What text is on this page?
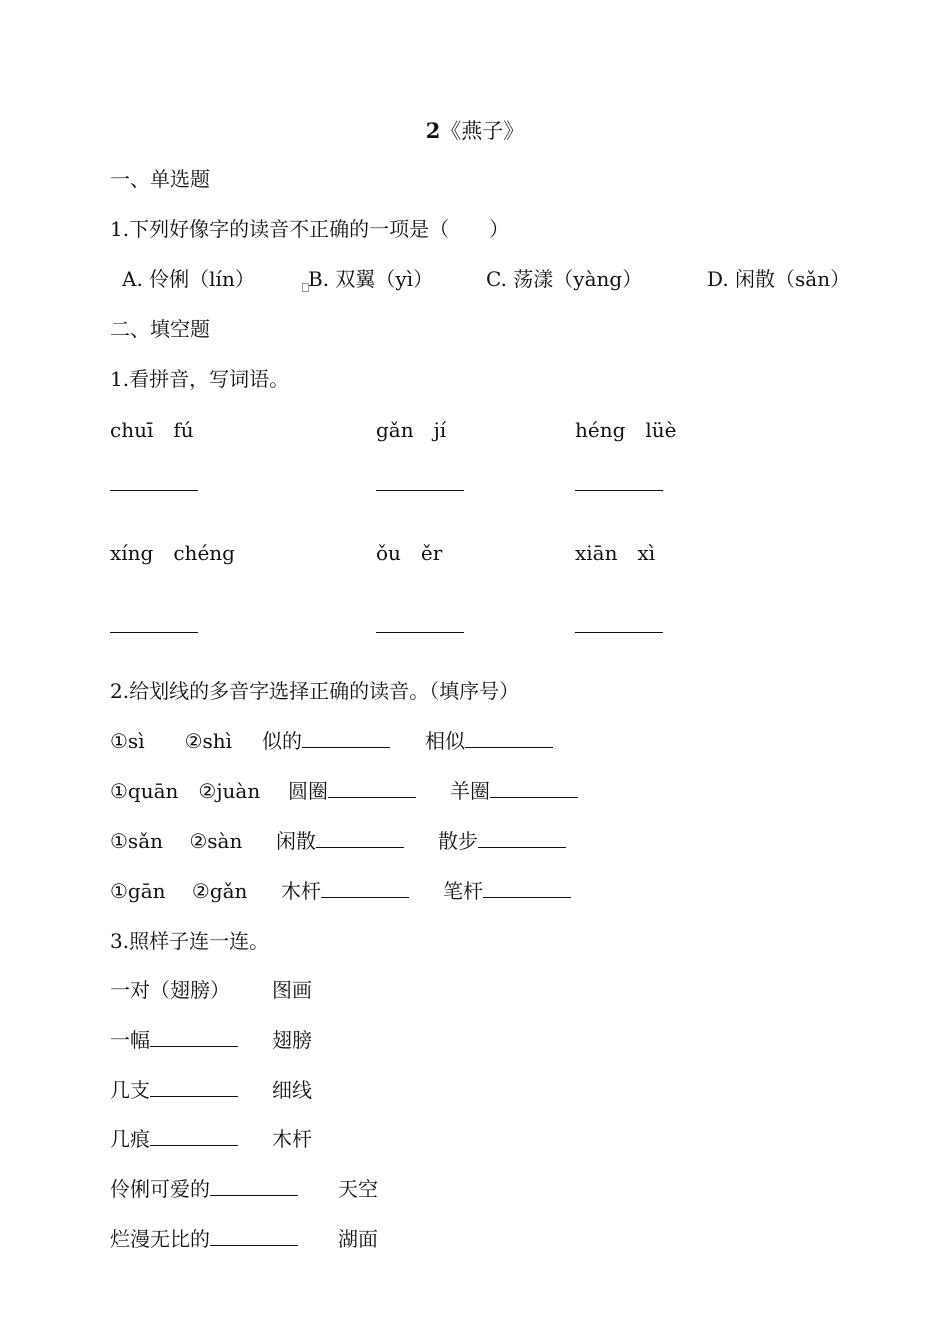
2《燕子》
一、单选题
1.下列好像字的读音不正确的一项是（　　）
A. 伶俐（lín）	B. 双翼（yì）	C. 荡漾（yàng）	D. 闲散（sǎn）
二、填空题
1.看拼音，写词语。
chuī　fú	gǎn　jí	héng　lüè
xíng　chéng	ǒu　ěr	xiān　xì
2.给划线的多音字选择正确的读音。（填序号）
①sì　　②shì 似的	相似
①quān　②juàn 圆圈	羊圈
①sǎn　 ②sàn 闲散	散步
①gān　 ②gǎn 木杆	笔杆
3.照样子连一连。
一对（翅膀） 图画
一幅	翅膀
几支	细线
几痕	木杆
伶俐可爱的	天空
烂漫无比的	湖面
